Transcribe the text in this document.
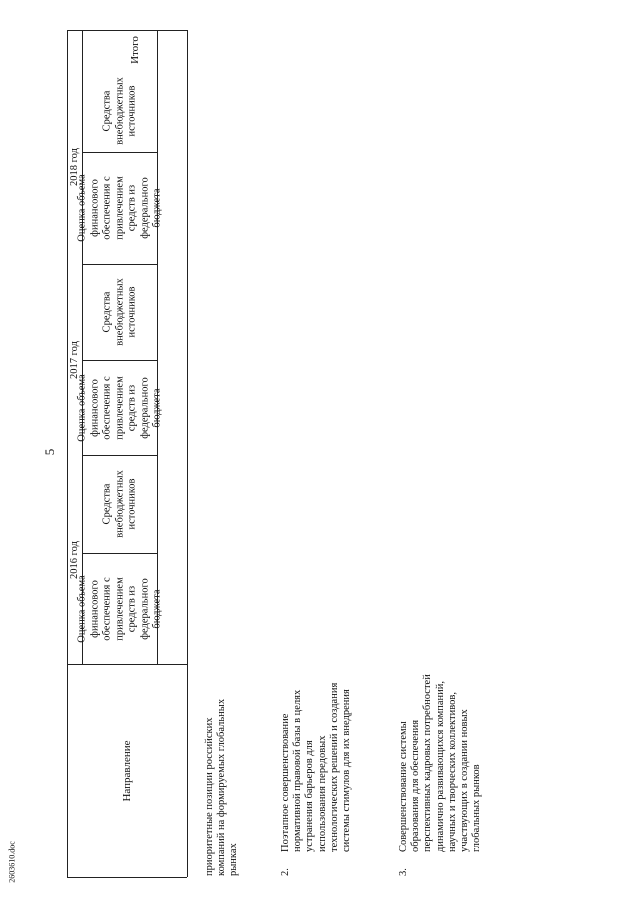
5
2603610.doc
Итого
2018 год
2017 год
2016 год
Средства внебюджетных источников
Оценка объема финансового обеспечения с привлечением средств из федерального бюджета
Средства внебюджетных источников
Оценка объема финансового обеспечения с привлечением средств из федерального бюджета
Средства внебюджетных источников
Оценка объема финансового обеспечения с привлечением средств из федерального бюджета
Направление	приоритетные позиции российских компаний на формируемых глобальных рынках	2.
Поэтапное совершенствование нормативной правовой базы в целях устранения барьеров для использования передовых технологических решений и создания системы стимулов для их внедрения
3.
Совершенствование системы образования для обеспечения перспективных кадровых потребностей динамично развивающихся компаний, научных и творческих коллективов, участвующих в создании новых глобальных рынков
